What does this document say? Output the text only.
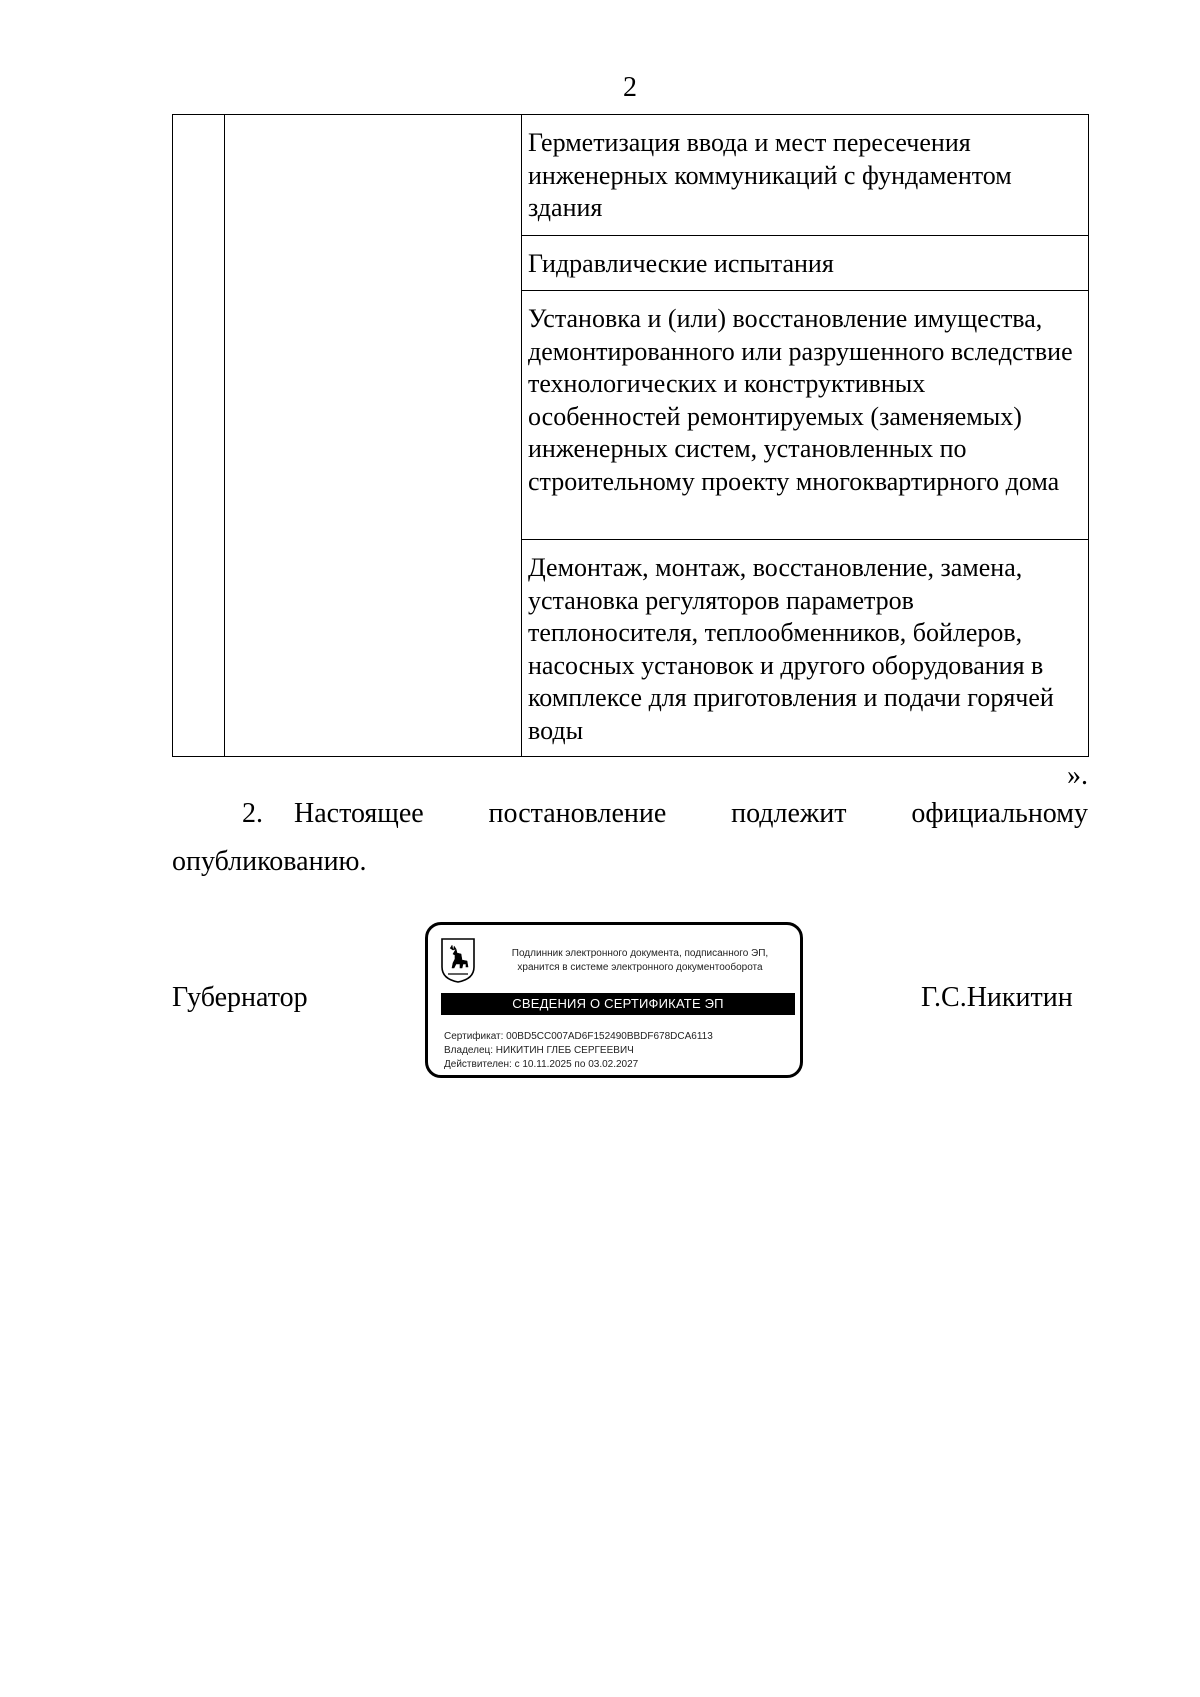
2
		Герметизация ввода и мест пересечения инженерных коммуникаций с фундаментом здания
Гидравлические испытания
Установка и (или) восстановление имущества, демонтированного или разрушенного вследствие технологических и конструктивных особенностей ремонтируемых (заменяемых) инженерных систем, установленных по строительному проекту многоквартирного дома
Демонтаж, монтаж, восстановление, замена, установка регуляторов параметров теплоносителя, теплообменников, бойлеров, насосных установок и другого оборудования в комплексе для приготовления и подачи горячей воды
».
2. Настоящее постановление подлежит официальному опубликованию.
Губернатор	Г.С.Никитин
Подлинник электронного документа, подписанного ЭП,
хранится в системе электронного документооборота
СВЕДЕНИЯ О СЕРТИФИКАТЕ ЭП
Сертификат: 00BD5CC007AD6F152490BBDF678DCA6113
Владелец: НИКИТИН ГЛЕБ СЕРГЕЕВИЧ
Действителен: с 10.11.2025 по 03.02.2027
